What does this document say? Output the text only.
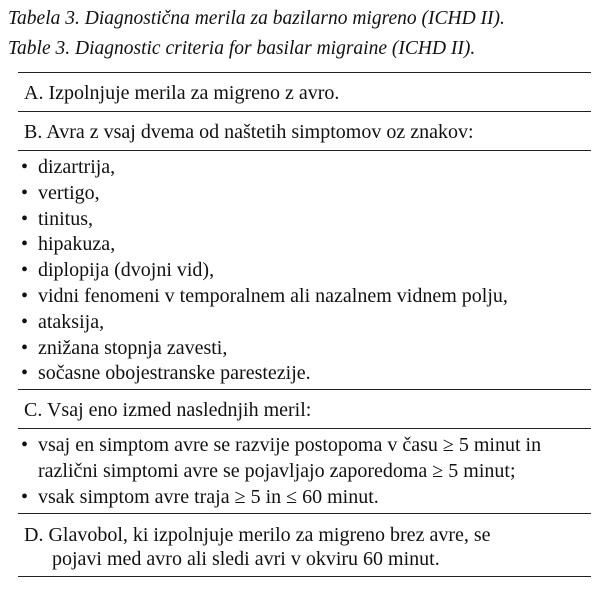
Tabela 3. Diagnostična merila za bazilarno migreno (ICHD II).
Table 3. Diagnostic criteria for basilar migraine (ICHD II).
A. Izpolnjuje merila za migreno z avro.
B. Avra z vsaj dvema od naštetih simptomov oz znakov:
• dizartrija,
• vertigo,
• tinitus,
• hipakuza,
• diplopija (dvojni vid),
• vidni fenomeni v temporalnem ali nazalnem vidnem polju,
• ataksija,
• znižana stopnja zavesti,
• sočasne obojestranske parestezije.
C. Vsaj eno izmed naslednjih meril:
• vsaj en simptom avre se razvije postopoma v času ≥ 5 minut in različni simptomi avre se pojavljajo zaporedoma ≥ 5 minut;
• vsak simptom avre traja ≥ 5 in ≤ 60 minut.
D. Glavobol, ki izpolnjuje merilo za migreno brez avre, se
pojavi med avro ali sledi avri v okviru 60 minut.
